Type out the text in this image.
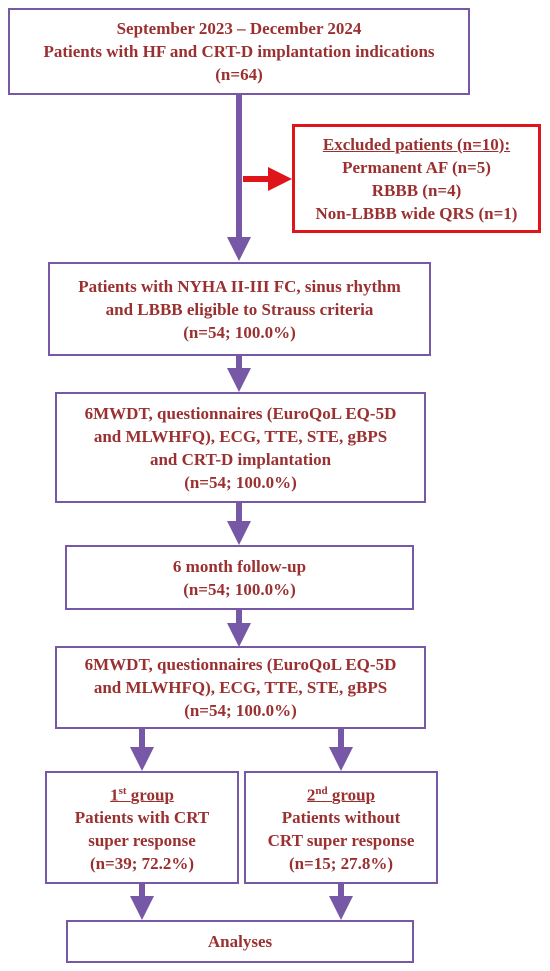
September 2023 – December 2024
Patients with HF and CRT-D implantation indications
(n=64)
Excluded patients (n=10):
Permanent AF (n=5)
RBBB (n=4)
Non-LBBB wide QRS (n=1)
Patients with NYHA II-III FC, sinus rhythm
and LBBB eligible to Strauss criteria
(n=54; 100.0%)
6MWDT, questionnaires (EuroQoL EQ-5D
and MLWHFQ), ECG, TTE, STE, gBPS
and CRT-D implantation
(n=54; 100.0%)
6 month follow-up
(n=54; 100.0%)
6MWDT, questionnaires (EuroQoL EQ-5D
and MLWHFQ), ECG, TTE, STE, gBPS
(n=54; 100.0%)
1st group
Patients with CRT
super response
(n=39; 72.2%)
2nd group
Patients without
CRT super response
(n=15; 27.8%)
Analyses
